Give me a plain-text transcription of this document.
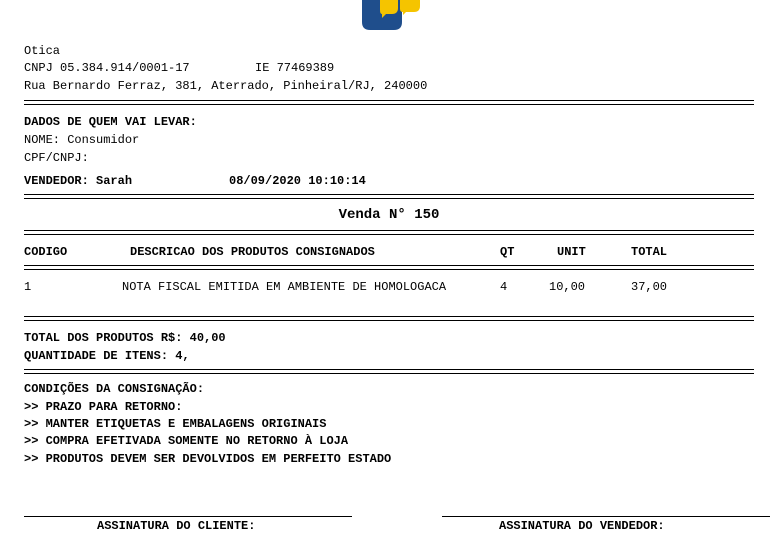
Otica
CNPJ 05.384.914/0001-17	IE 77469389
Rua Bernardo Ferraz, 381, Aterrado, Pinheiral/RJ, 240000
DADOS DE QUEM VAI LEVAR:
NOME: Consumidor
CPF/CNPJ:
VENDEDOR: Sarah	08/09/2020 10:10:14
Venda N° 150
CODIGO	DESCRICAO DOS PRODUTOS CONSIGNADOS	QT	UNIT	TOTAL
1	NOTA FISCAL EMITIDA EM AMBIENTE DE HOMOLOGACA	4	10,00	37,00
TOTAL DOS PRODUTOS R$: 40,00
QUANTIDADE DE ITENS: 4,
CONDIÇÕES DA CONSIGNAÇÃO:
>> PRAZO PARA RETORNO:
>> MANTER ETIQUETAS E EMBALAGENS ORIGINAIS
>> COMPRA EFETIVADA SOMENTE NO RETORNO À LOJA
>> PRODUTOS DEVEM SER DEVOLVIDOS EM PERFEITO ESTADO
ASSINATURA DO CLIENTE:	ASSINATURA DO VENDEDOR:
